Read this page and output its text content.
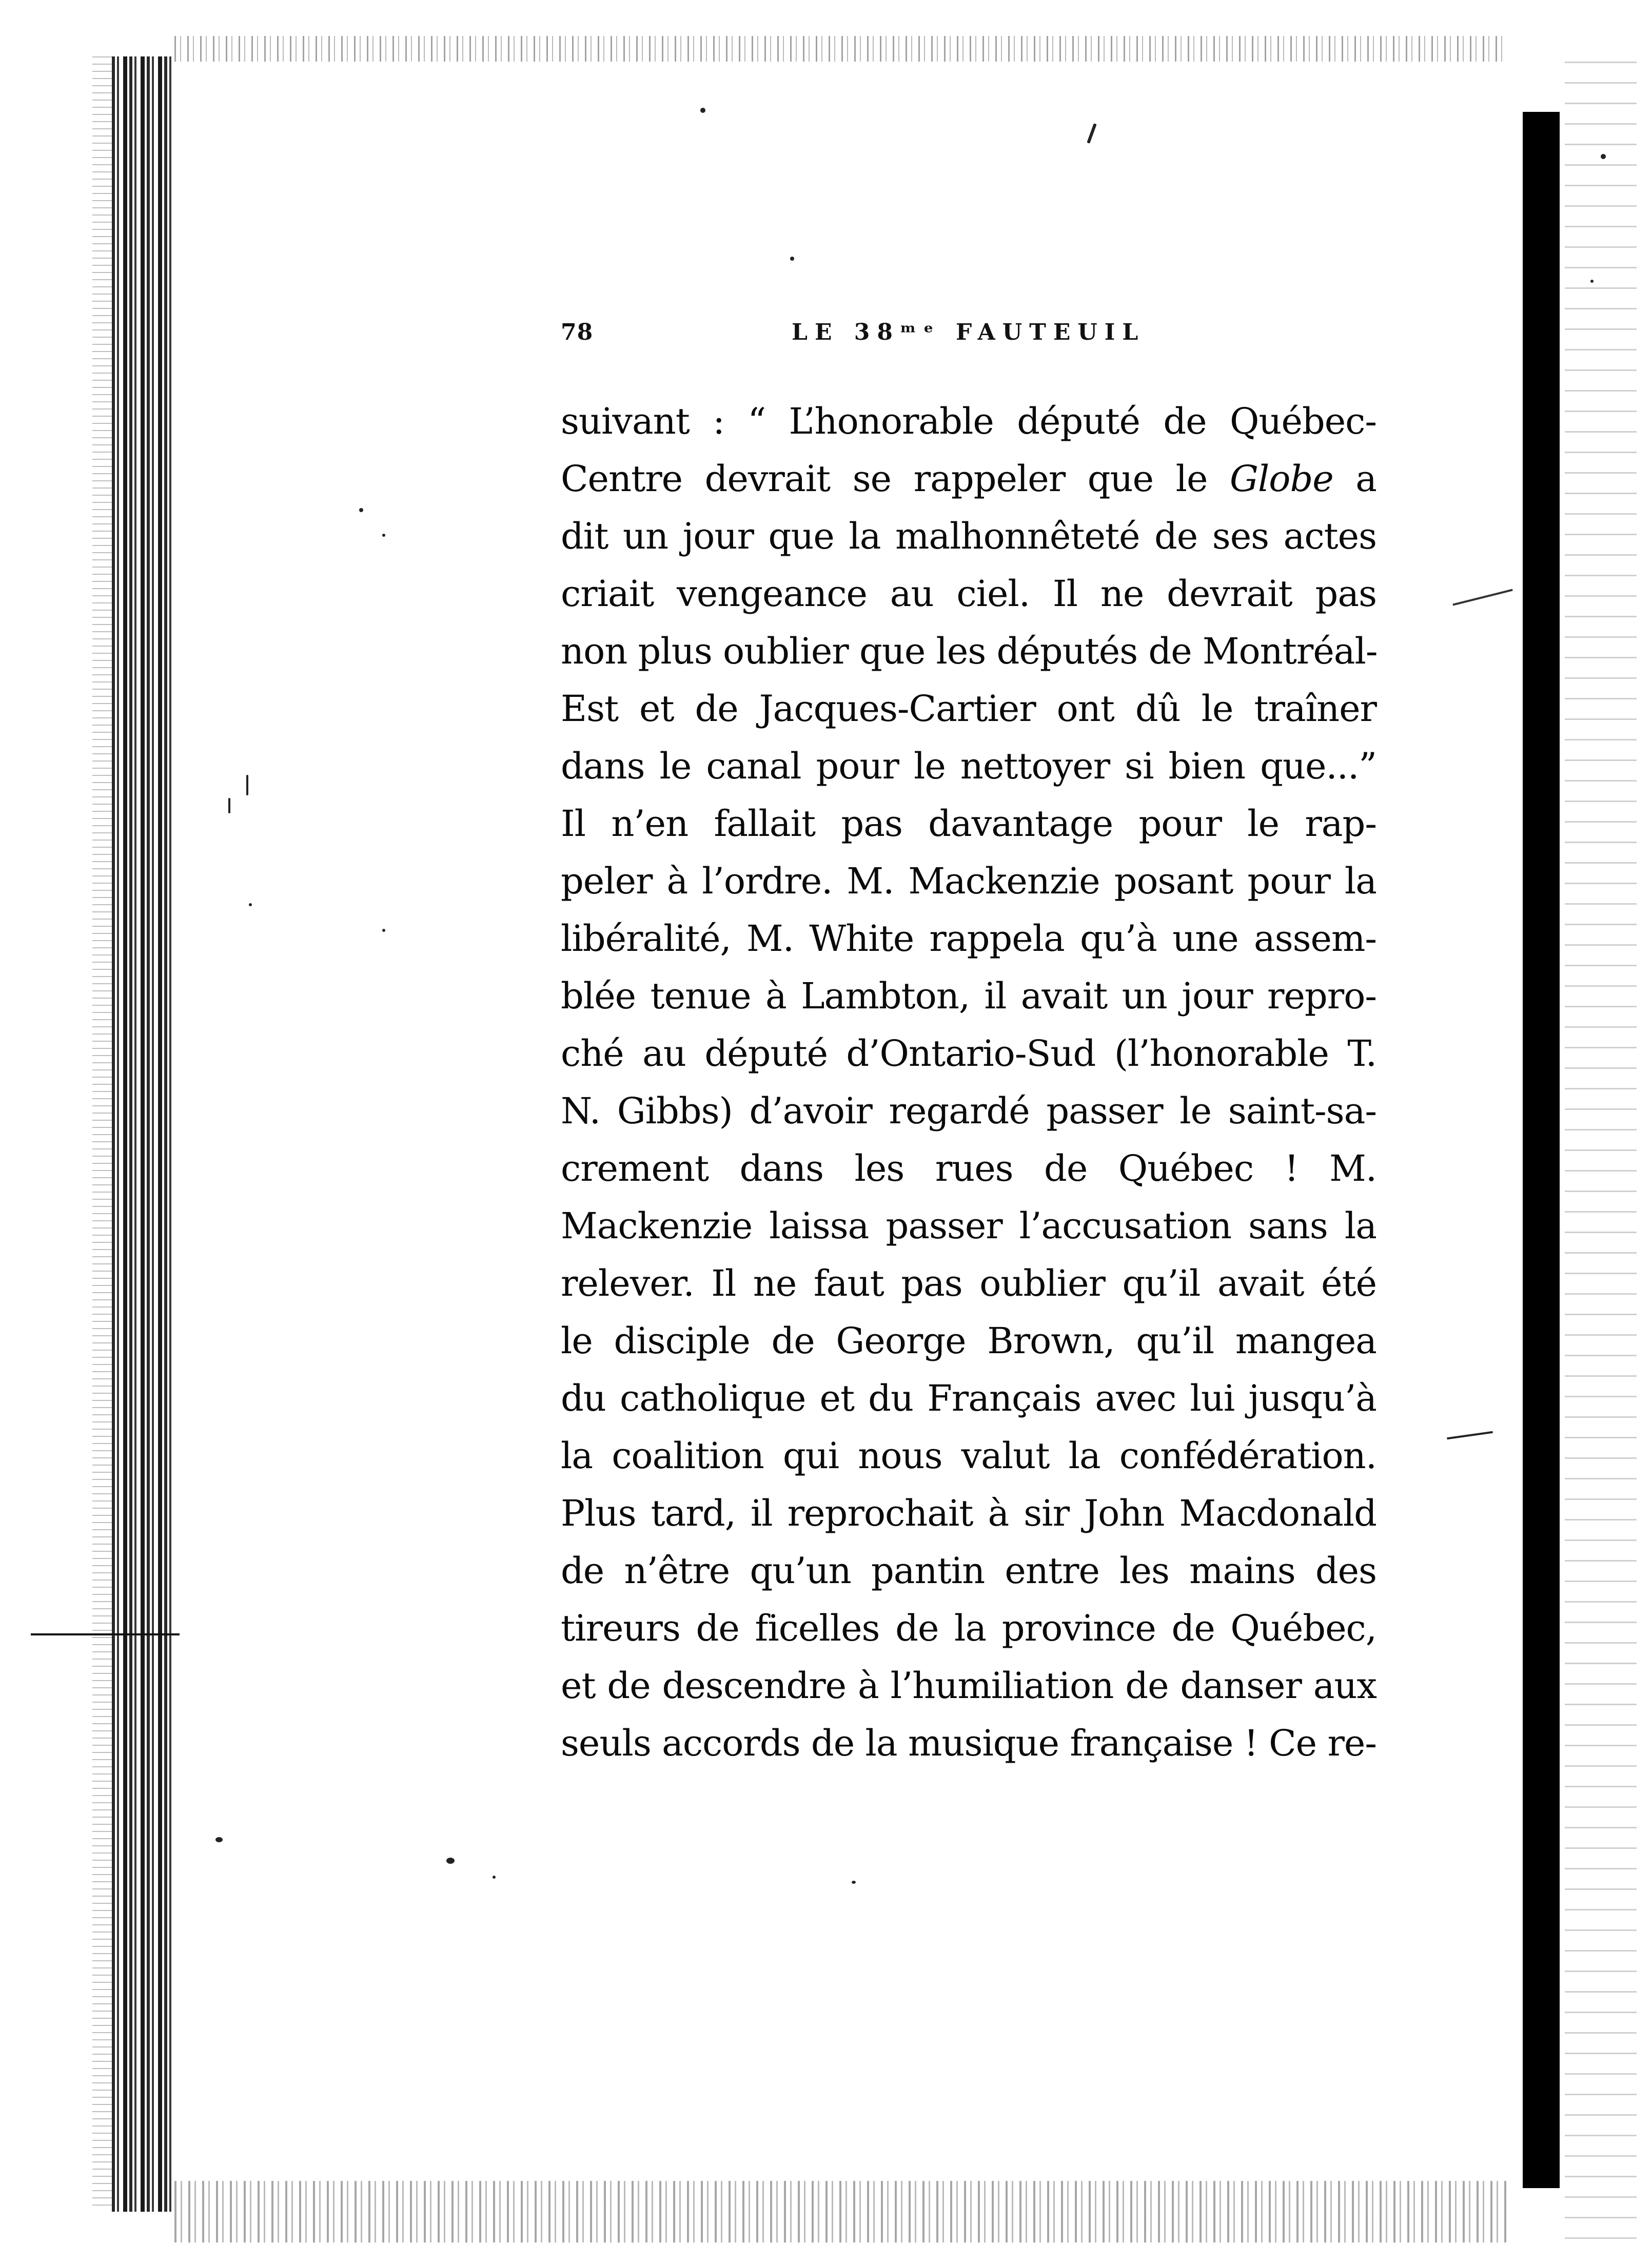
78	LE 38ᵐᵉ FAUTEUIL
suivant : “ L’honorable député de Québec-
Centre devrait se rappeler que le Globe a
dit un jour que la malhonnêteté de ses actes
criait vengeance au ciel. Il ne devrait pas
non plus oublier que les députés de Montréal-
Est et de Jacques-Cartier ont dû le traîner
dans le canal pour le nettoyer si bien que...”
Il n’en fallait pas davantage pour le rap-
peler à l’ordre. M. Mackenzie posant pour la
libéralité, M. White rappela qu’à une assem-
blée tenue à Lambton, il avait un jour repro-
ché au député d’Ontario-Sud (l’honorable T.
N. Gibbs) d’avoir regardé passer le saint-sa-
crement dans les rues de Québec ! M.
Mackenzie laissa passer l’accusation sans la
relever. Il ne faut pas oublier qu’il avait été
le disciple de George Brown, qu’il mangea
du catholique et du Français avec lui jusqu’à
la coalition qui nous valut la confédération.
Plus tard, il reprochait à sir John Macdonald
de n’être qu’un pantin entre les mains des
tireurs de ficelles de la province de Québec,
et de descendre à l’humiliation de danser aux
seuls accords de la musique française ! Ce re-
